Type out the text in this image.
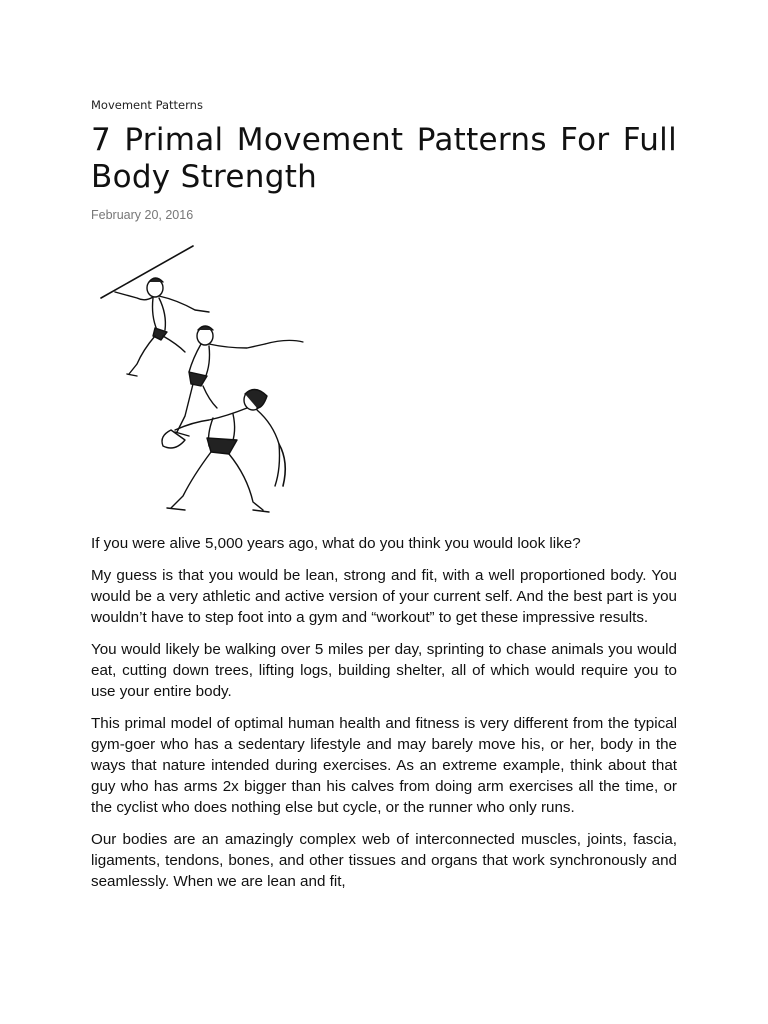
Movement Patterns
7 Primal Movement Patterns For Full Body Strength
February 20, 2016

If you were alive 5,000 years ago, what do you think you would look like?

My guess is that you would be lean, strong and fit, with a well proportioned body. You would be a very athletic and active version of your current self. And the best part is you wouldn’t have to step foot into a gym and “workout” to get these impressive results.

You would likely be walking over 5 miles per day, sprinting to chase animals you would eat, cutting down trees, lifting logs, building shelter, all of which would require you to use your entire body.

This primal model of optimal human health and fitness is very different from the typical gym-goer who has a sedentary lifestyle and may barely move his, or her, body in the ways that nature intended during exercises. As an extreme example, think about that guy who has arms 2x bigger than his calves from doing arm exercises all the time, or the cyclist who does nothing else but cycle, or the runner who only runs.

Our bodies are an amazingly complex web of interconnected muscles, joints, fascia, ligaments, tendons, bones, and other tissues and organs that work synchronously and seamlessly. When we are lean and fit,
